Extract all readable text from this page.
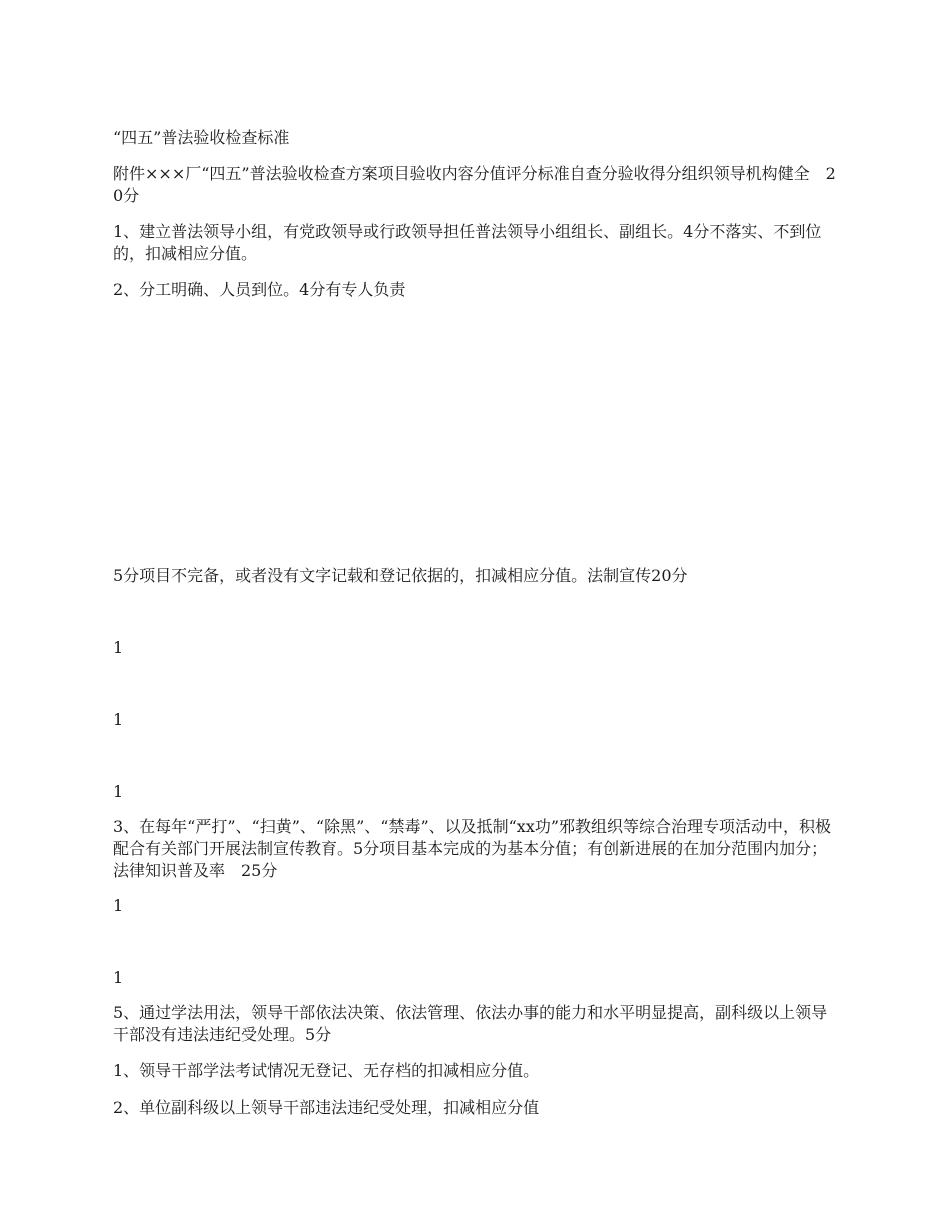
“四五”普法验收检查标准

附件×××厂“四五”普法验收检查方案项目验收内容分值评分标准自查分验收得分组织领导机构健全　20分

1、建立普法领导小组，有党政领导或行政领导担任普法领导小组组长、副组长。4分不落实、不到位的，扣减相应分值。

2、分工明确、人员到位。4分有专人负责

5分项目不完备，或者没有文字记载和登记依据的，扣减相应分值。法制宣传20分

1

1

1

3、在每年“严打”、“扫黄”、“除黑”、“禁毒”、以及抵制“xx功”邪教组织等综合治理专项活动中，积极配合有关部门开展法制宣传教育。5分项目基本完成的为基本分值；有创新进展的在加分范围内加分；法律知识普及率　25分

1

1

5、通过学法用法，领导干部依法决策、依法管理、依法办事的能力和水平明显提高，副科级以上领导干部没有违法违纪受处理。5分

1、领导干部学法考试情况无登记、无存档的扣减相应分值。

2、单位副科级以上领导干部违法违纪受处理，扣减相应分值
